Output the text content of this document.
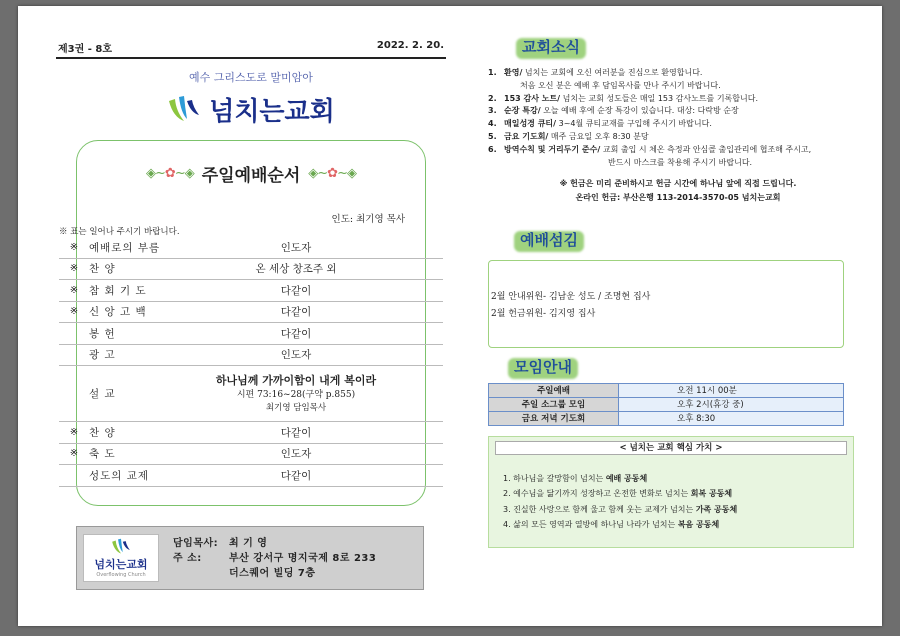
제3권 - 8호	2022. 2. 20.
예수 그리스도로 말미암아
넘치는교회
◈~✿~◈ 주일예배순서 ◈~✿~◈
인도: 최기영 목사
※ 표는 일어나 주시기 바랍니다.
※	예배로의 부름	인도자
※	찬 양	온 세상 창조주 외
※	참 회 기 도	다같이
※	신 앙 고 백	다같이
봉 헌	다같이
광 고	인도자
설 교
하나님께 가까이함이 내게 복이라
시편 73:16~28(구약 p.855)
최기영 담임목사
※	찬 양	다같이
※	축 도	인도자
성도의 교제	다같이
넘치는교회
Overflowing Church
담임목사: 최 기 영
주 소:	부산 강서구 명지국제 8로 233
더스퀘어 빌딩 7층
교회소식
1. 환영/ 넘치는 교회에 오신 여러분을 진심으로 환영합니다.
처음 오신 분은 예배 후 담임목사를 만나 주시기 바랍니다.
2. 153 감사 노트/ 넘치는 교회 성도들은 매일 153 감사노트를 기록합니다.
3. 순장 특강/ 오늘 예배 후에 순장 특강이 있습니다. 대상: 다락방 순장
4. 매일성경 큐티/ 3~4월 큐티교재를 구입해 주시기 바랍니다.
5. 금요 기도회/ 매주 금요일 오후 8:30 분당
6. 방역수칙 및 거리두기 준수/ 교회 출입 시 체온 측정과 안심콜 출입관리에 협조해 주시고,
반드시 마스크를 착용해 주시기 바랍니다.
※ 헌금은 미리 준비하시고 헌금 시간에 하나님 앞에 직접 드립니다.
온라인 헌금: 부산은행 113-2014-3570-05 넘치는교회
예배섬김
2월 안내위원- 김남운 성도 / 조명현 집사
2월 헌금위원- 김지영 집사
모임안내
주일예배	오전 11시 00분
주일 소그룹 모임	오후 2시(휴강 중)
금요 저녁 기도회	오후 8:30
< 넘치는 교회 핵심 가치 >
1. 하나님을 갈망함이 넘치는 예배 공동체
2. 예수님을 닮기까지 성장하고 온전한 변화로 넘치는 회복 공동체
3. 진실한 사랑으로 함께 울고 함께 웃는 교제가 넘치는 가족 공동체
4. 삶의 모든 영역과 열방에 하나님 나라가 넘치는 복음 공동체
